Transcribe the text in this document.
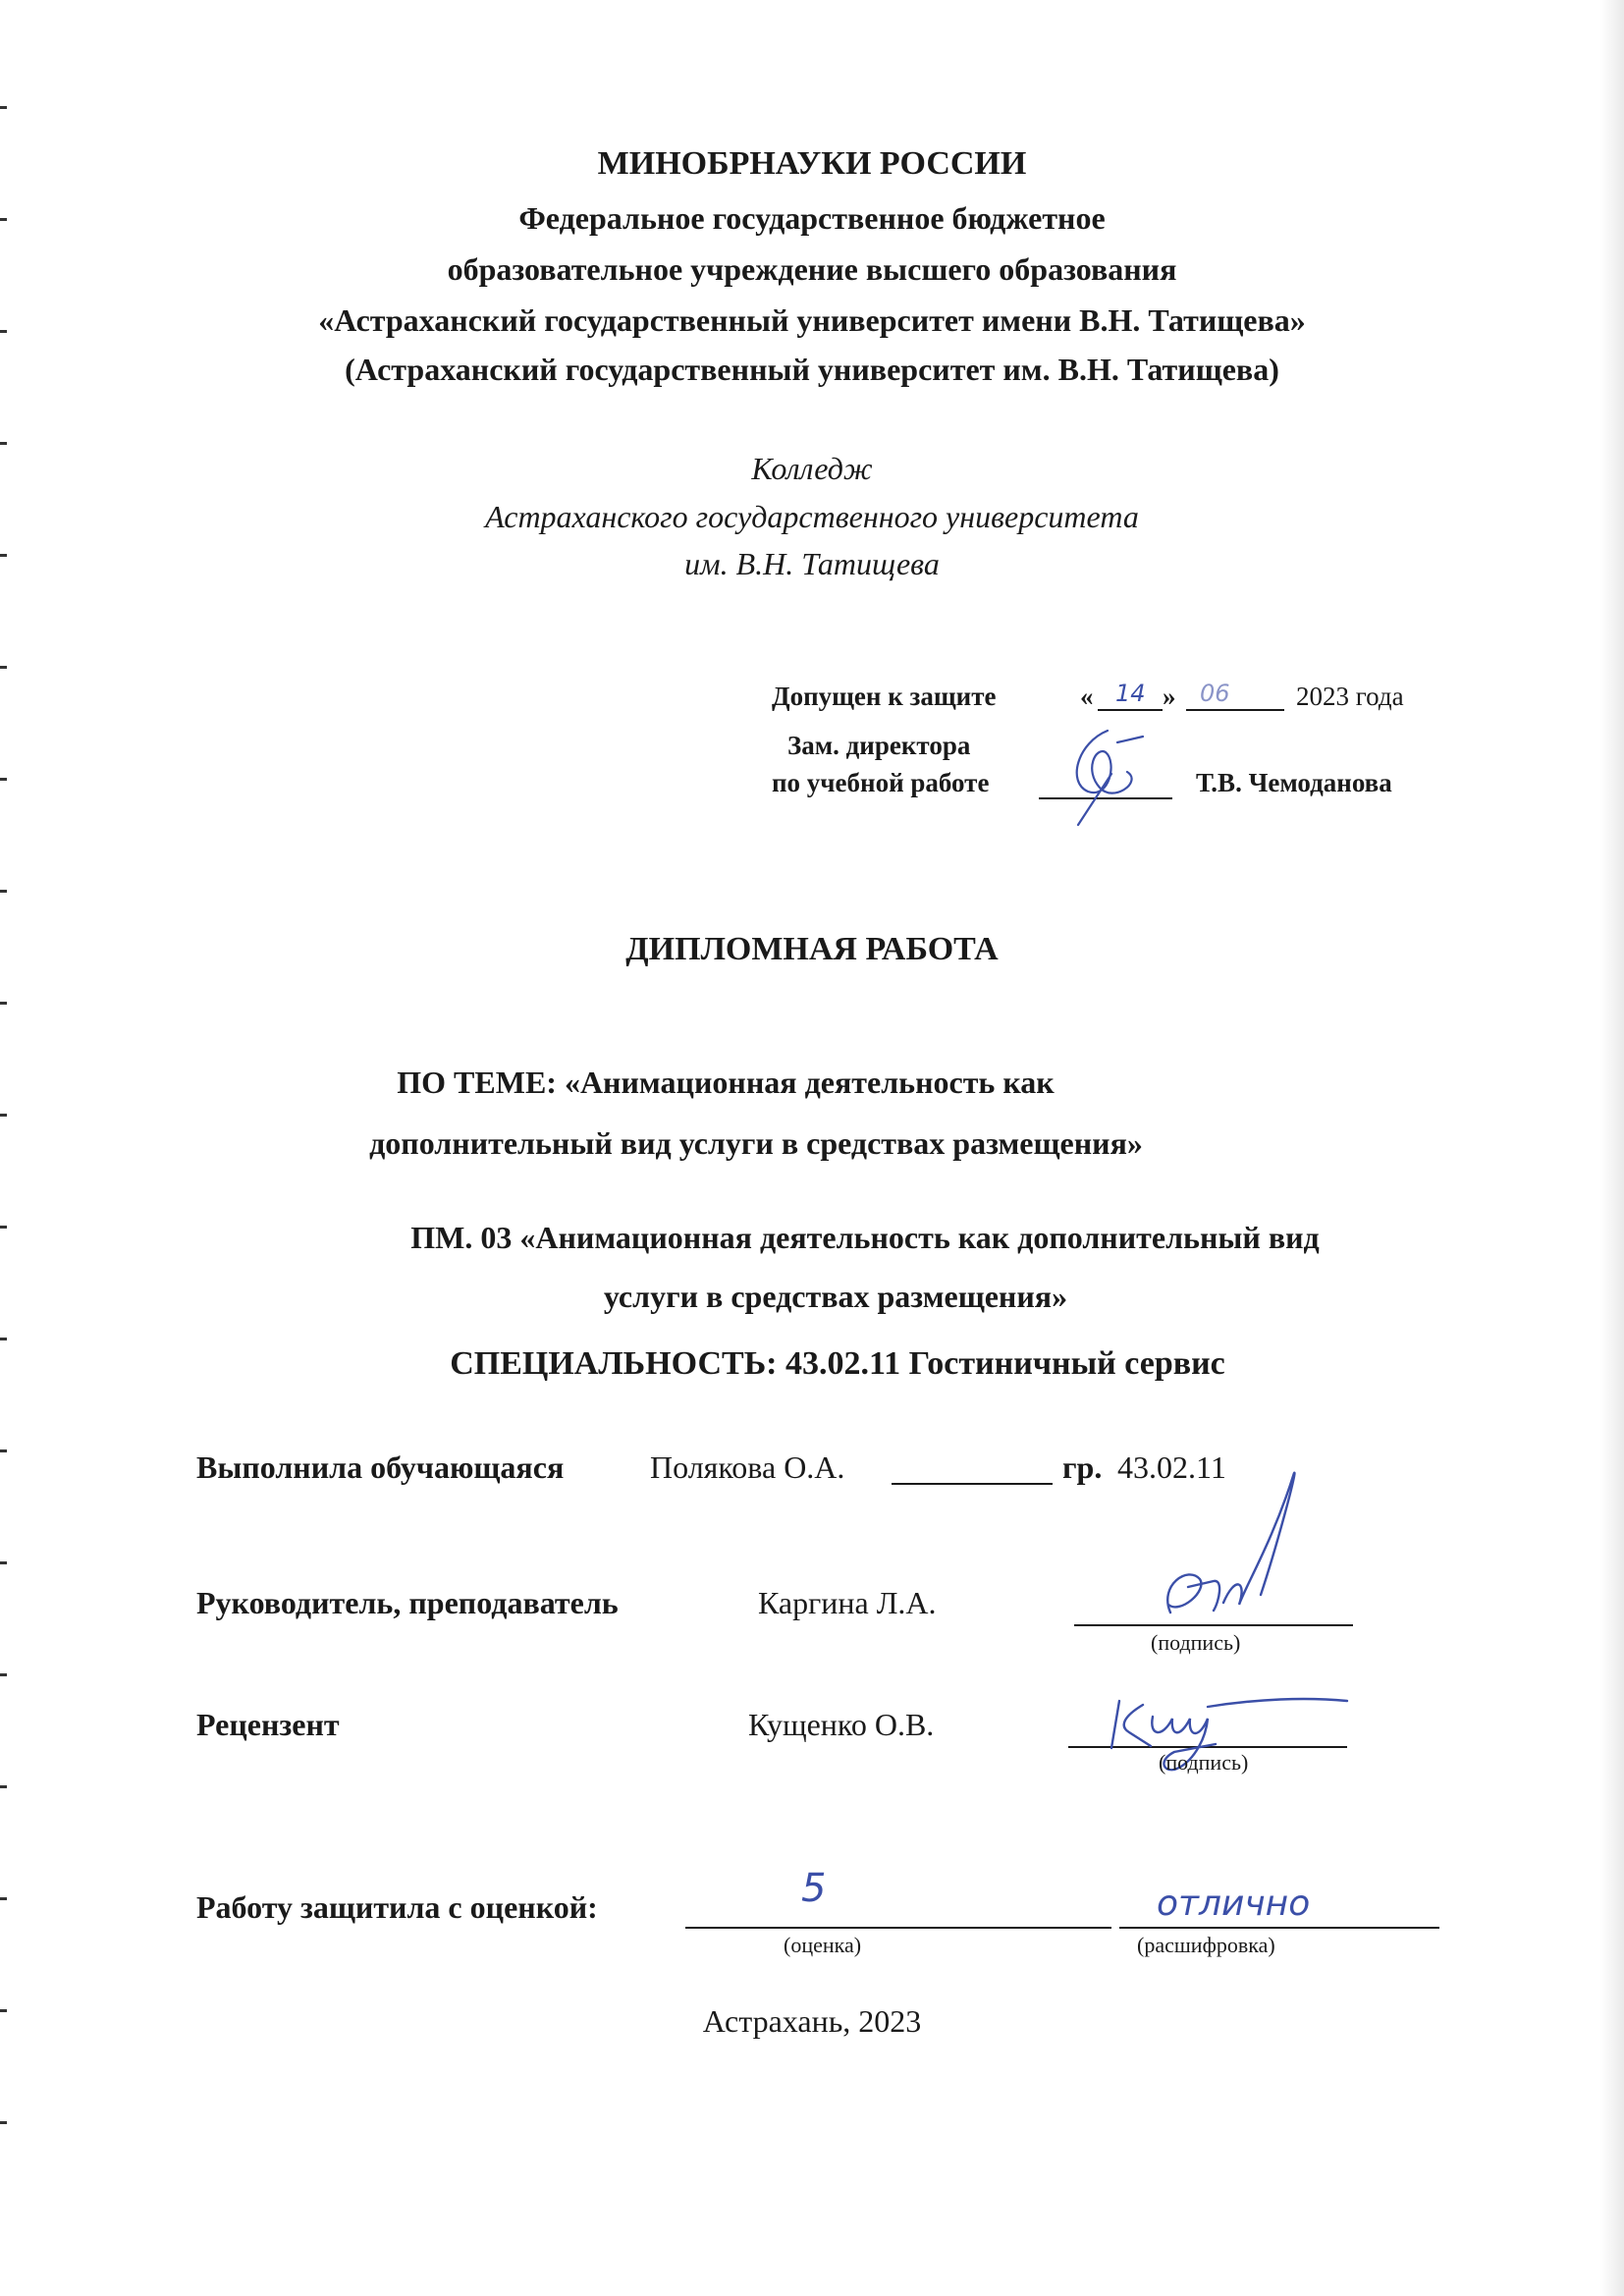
МИНОБРНАУКИ РОССИИ
Федеральное государственное бюджетное
образовательное учреждение высшего образования
«Астраханский государственный университет имени В.Н. Татищева»
(Астраханский государственный университет им. В.Н. Татищева)
Колледж
Астраханского государственного университета
им. В.Н. Татищева
Допущен к защите	« 14 » 06 2023 года
Зам. директора
по учебной работе	Т.В. Чемоданова
ДИПЛОМНАЯ РАБОТА
ПО ТЕМЕ: «Анимационная деятельность как
дополнительный вид услуги в средствах размещения»
ПМ. 03 «Анимационная деятельность как дополнительный вид
услуги в средствах размещения»
СПЕЦИАЛЬНОСТЬ: 43.02.11 Гостиничный сервис
Выполнила обучающаяся	Полякова О.А.	гр. 43.02.11
Руководитель, преподаватель	Каргина Л.А.
(подпись)
Рецензент	Кущенко О.В.
(подпись)
Работу защитила с оценкой:	5
(оценка)
отлично
(расшифровка)
Астрахань, 2023
